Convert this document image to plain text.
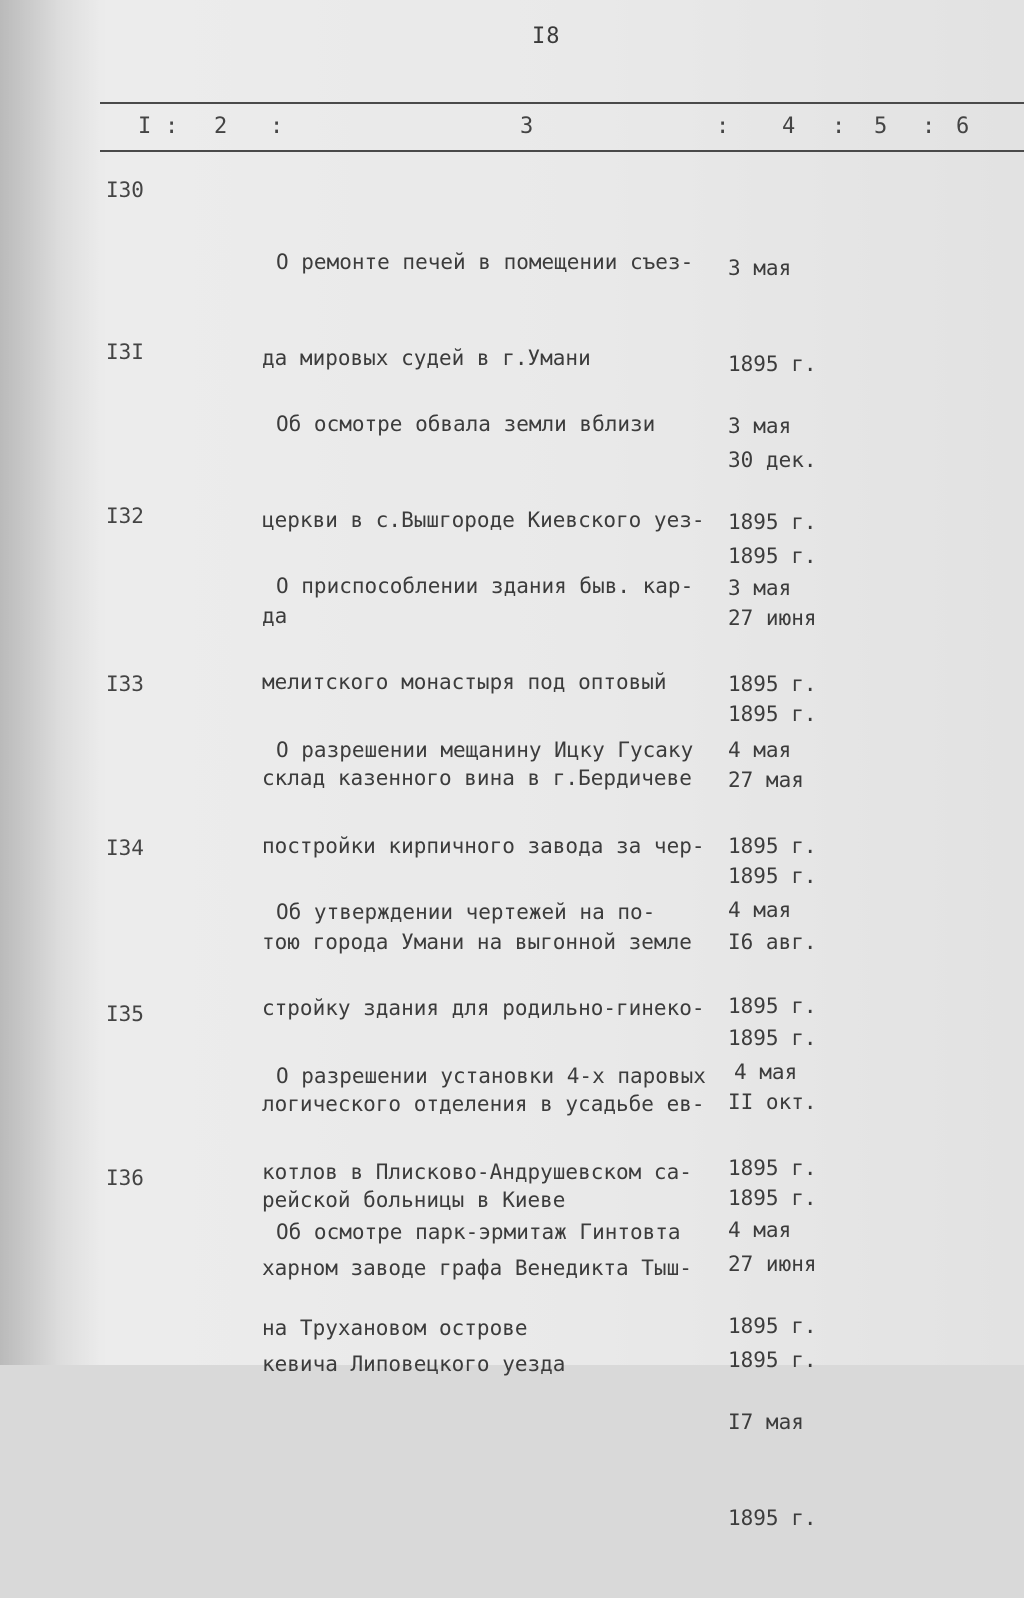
I8
I : 2 :	3	: 4 : 5 : 6
I30

О ремонте печей в помещении съез-

да мировых судей в г.Умани

3 мая

1895 г.

30 дек.

1895 г.

I3I

Об осмотре обвала земли вблизи

церкви в с.Вышгороде Киевского уез-

да

3 мая

1895 г.

27 июня

1895 г.

I32

О приспособлении здания быв. кар-

мелитского монастыря под оптовый

склад казенного вина в г.Бердичеве

3 мая

1895 г.

27 мая

1895 г.

I33

О разрешении мещанину Ицку Гусаку

постройки кирпичного завода за чер-

тою города Умани на выгонной земле

4 мая

1895 г.

I6 авг.

1895 г.

I34

Об утверждении чертежей на по-

стройку здания для родильно-гинеко-

логического отделения в усадьбе ев-

рейской больницы в Киеве

4 мая

1895 г.

II окт.

1895 г.

I35

О разрешении установки 4-х паровых

котлов в Плисково-Андрушевском са-

харном заводе графа Венедикта Тыш-

кевича Липовецкого уезда

4 мая

1895 г.

27 июня

1895 г.

I36

Об осмотре парк-эрмитаж Гинтовта

на Трухановом острове

4 мая

1895 г.

I7 мая

1895 г.
